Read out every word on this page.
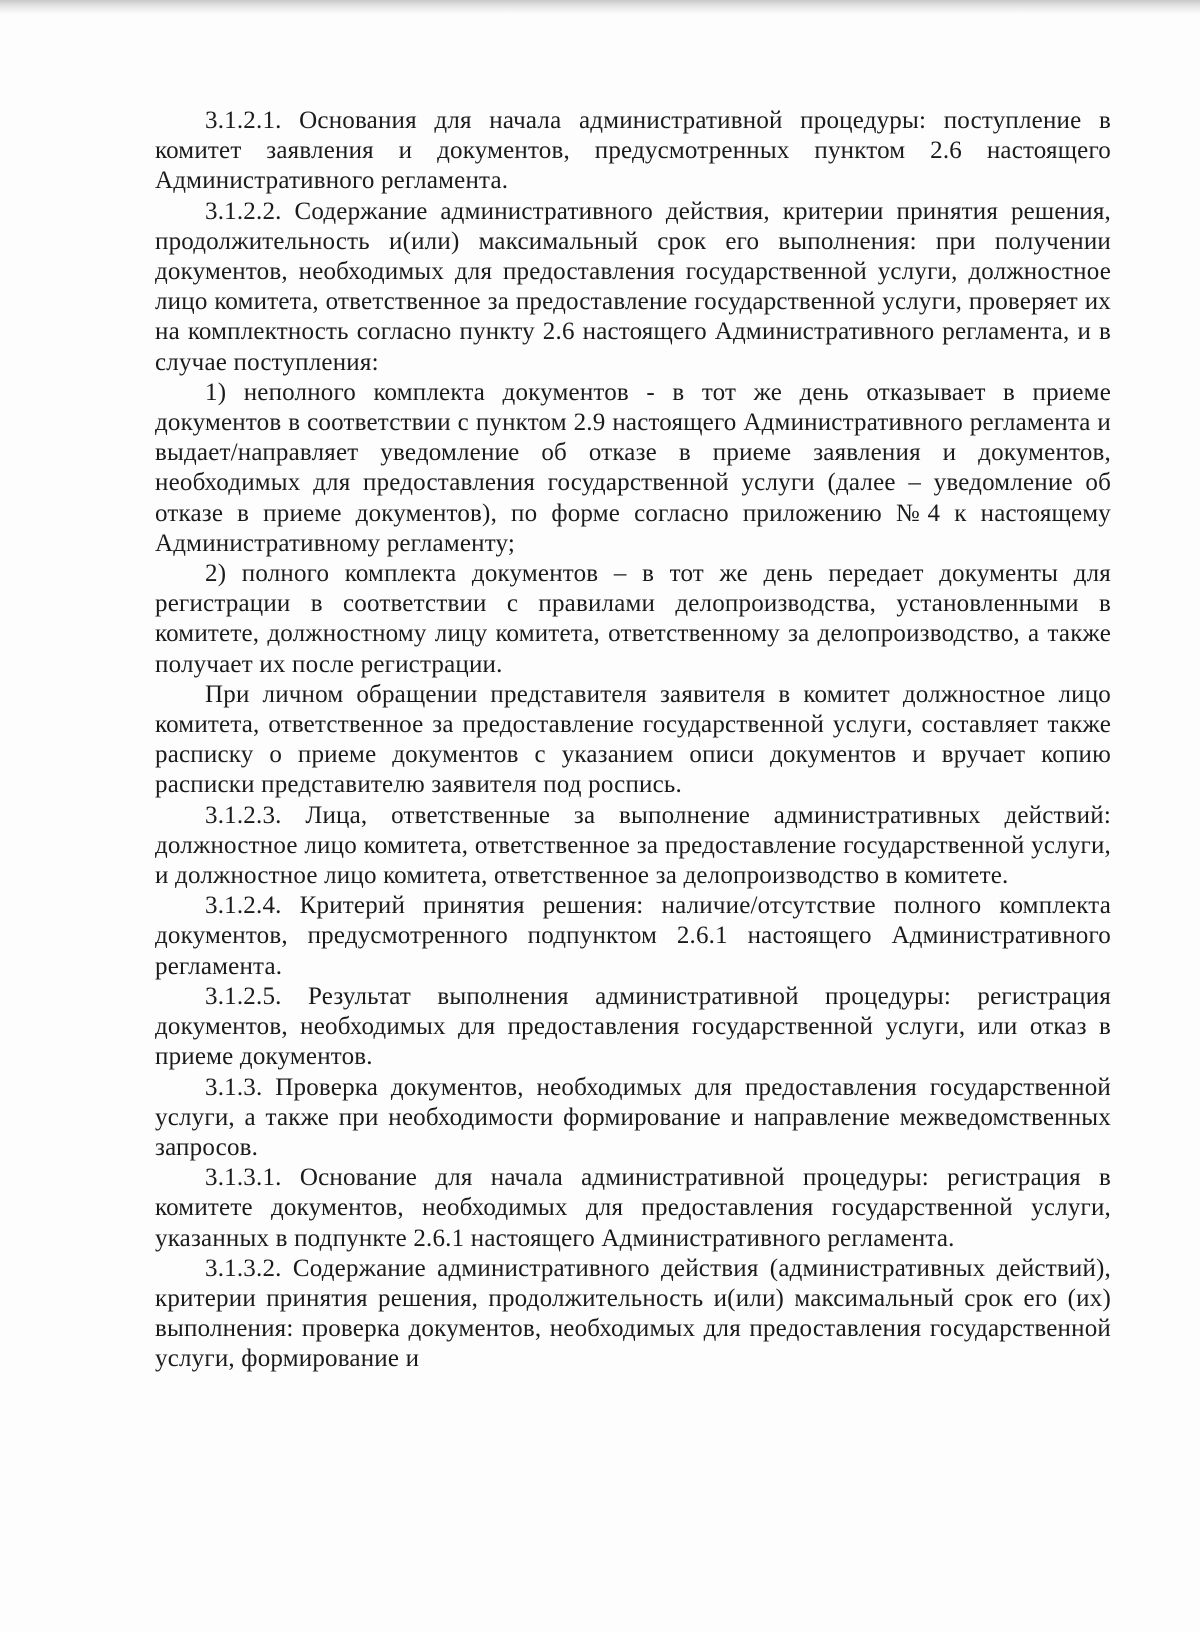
3.1.2.1. Основания для начала административной процедуры: поступление в комитет заявления и документов, предусмотренных пунктом 2.6 настоящего Административного регламента.

3.1.2.2. Содержание административного действия, критерии принятия решения, продолжительность и(или) максимальный срок его выполнения: при получении документов, необходимых для предоставления государственной услуги, должностное лицо комитета, ответственное за предоставление государственной услуги, проверяет их на комплектность согласно пункту 2.6 настоящего Административного регламента, и в случае поступления:

1) неполного комплекта документов - в тот же день отказывает в приеме документов в соответствии с пунктом 2.9 настоящего Административного регламента и выдает/направляет уведомление об отказе в приеме заявления и документов, необходимых для предоставления государственной услуги (далее – уведомление об отказе в приеме документов), по форме согласно приложению №4 к настоящему Административному регламенту;

2) полного комплекта документов – в тот же день передает документы для регистрации в соответствии с правилами делопроизводства, установленными в комитете, должностному лицу комитета, ответственному за делопроизводство, а также получает их после регистрации.

При личном обращении представителя заявителя в комитет должностное лицо комитета, ответственное за предоставление государственной услуги, составляет также расписку о приеме документов с указанием описи документов и вручает копию расписки представителю заявителя под роспись.

3.1.2.3. Лица, ответственные за выполнение административных действий: должностное лицо комитета, ответственное за предоставление государственной услуги, и должностное лицо комитета, ответственное за делопроизводство в комитете.

3.1.2.4. Критерий принятия решения: наличие/отсутствие полного комплекта документов, предусмотренного подпунктом 2.6.1 настоящего Административного регламента.

3.1.2.5. Результат выполнения административной процедуры: регистрация документов, необходимых для предоставления государственной услуги, или отказ в приеме документов.

3.1.3. Проверка документов, необходимых для предоставления государственной услуги, а также при необходимости формирование и направление межведомственных запросов.

3.1.3.1. Основание для начала административной процедуры: регистрация в комитете документов, необходимых для предоставления государственной услуги, указанных в подпункте 2.6.1 настоящего Административного регламента.

3.1.3.2. Содержание административного действия (административных действий), критерии принятия решения, продолжительность и(или) максимальный срок его (их) выполнения: проверка документов, необходимых для предоставления государственной услуги, формирование и
